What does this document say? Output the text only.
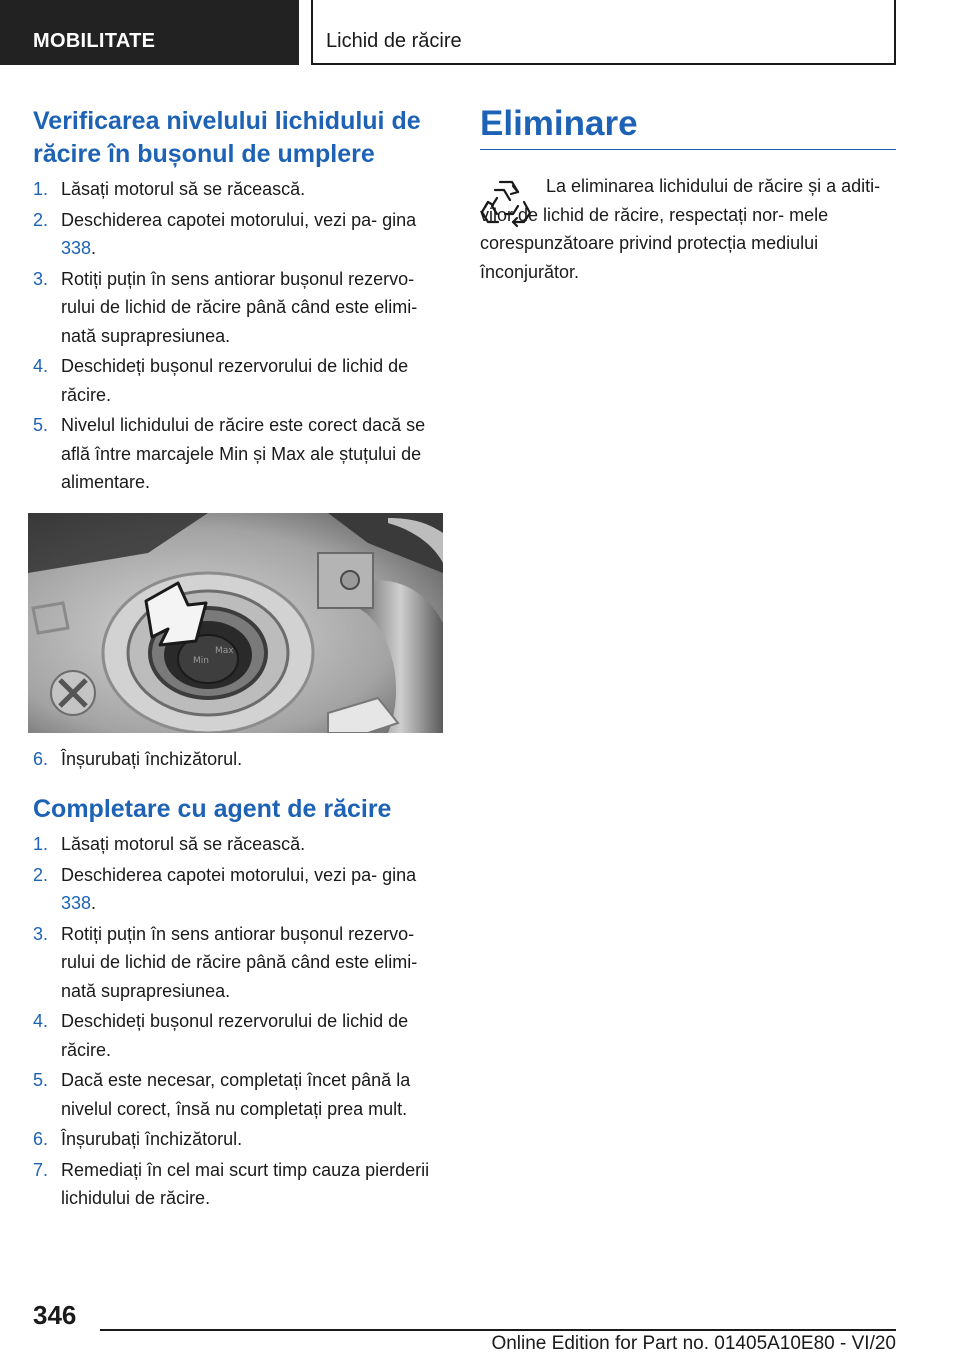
MOBILITATE	Lichid de răcire
Verificarea nivelului lichidului de răcire în bușonul de umplere
1. Lăsați motorul să se răcească.
2. Deschiderea capotei motorului, vezi pa‐ gina 338.
3. Rotiți puțin în sens antiorar bușonul rezervo‐ rului de lichid de răcire până când este elimi‐ nată suprapresiunea.
4. Deschideți bușonul rezervorului de lichid de răcire.
5. Nivelul lichidului de răcire este corect dacă se află între marcajele Min și Max ale ștuțului de alimentare.
Min
Max
6. Înșurubați închizătorul.
Completare cu agent de răcire
1. Lăsați motorul să se răcească.
2. Deschiderea capotei motorului, vezi pa‐ gina 338.
3. Rotiți puțin în sens antiorar bușonul rezervo‐ rului de lichid de răcire până când este elimi‐ nată suprapresiunea.
4. Deschideți bușonul rezervorului de lichid de răcire.
5. Dacă este necesar, completați încet până la nivelul corect, însă nu completați prea mult.
6. Înșurubați închizătorul.
7. Remediați în cel mai scurt timp cauza pierderii lichidului de răcire.
Eliminare

La eliminarea lichidului de răcire și a aditi‐ vilor de lichid de răcire, respectați nor‐ mele corespunzătoare privind protecția mediului înconjurător.

346
Online Edition for Part no. 01405A10E80 - VI/20
